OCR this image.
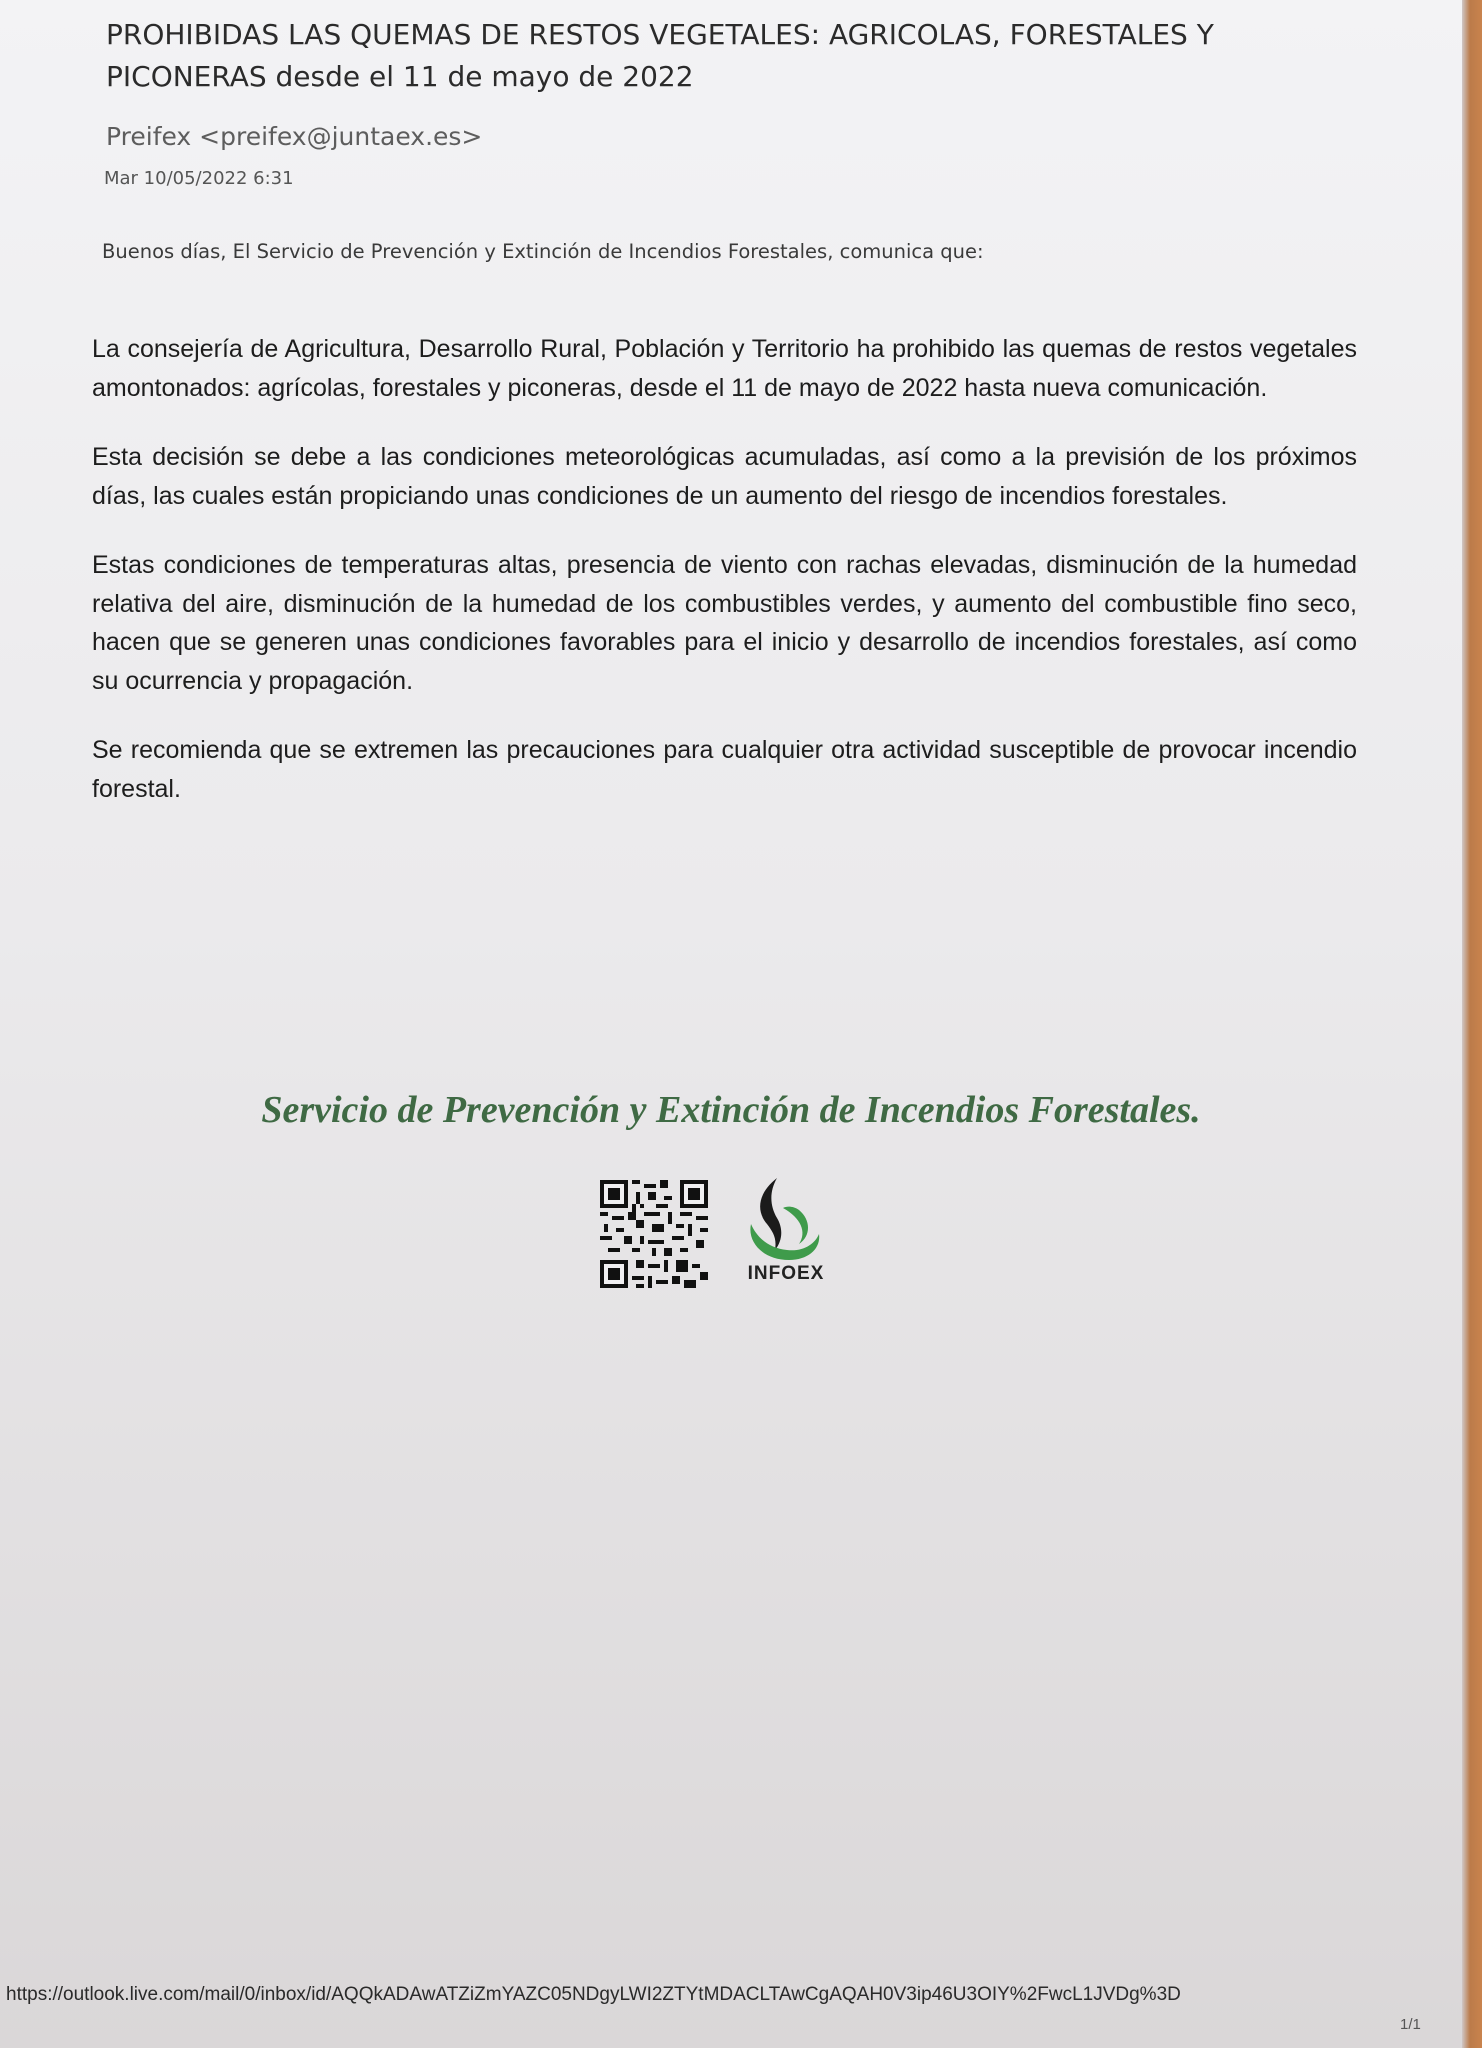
PROHIBIDAS LAS QUEMAS DE RESTOS VEGETALES: AGRICOLAS, FORESTALES Y PICONERAS desde el 11 de mayo de 2022
Preifex <preifex@juntaex.es>
Mar 10/05/2022 6:31
Buenos días, El Servicio de Prevención y Extinción de Incendios Forestales, comunica que:

La consejería de Agricultura, Desarrollo Rural, Población y Territorio ha prohibido las quemas de restos vegetales amontonados: agrícolas, forestales y piconeras, desde el 11 de mayo de 2022 hasta nueva comunicación.

Esta decisión se debe a las condiciones meteorológicas acumuladas, así como a la previsión de los próximos días, las cuales están propiciando unas condiciones de un aumento del riesgo de incendios forestales.

Estas condiciones de temperaturas altas, presencia de viento con rachas elevadas, disminución de la humedad relativa del aire, disminución de la humedad de los combustibles verdes, y aumento del combustible fino seco, hacen que se generen unas condiciones favorables para el inicio y desarrollo de incendios forestales, así como su ocurrencia y propagación.

Se recomienda que se extremen las precauciones para cualquier otra actividad susceptible de provocar incendio forestal.

Servicio de Prevención y Extinción de Incendios Forestales.
INFOEX
https://outlook.live.com/mail/0/inbox/id/AQQkADAwATZiZmYAZC05NDgyLWI2ZTYtMDACLTAwCgAQAH0V3ip46U3OIY%2FwcL1JVDg%3D
1/1
